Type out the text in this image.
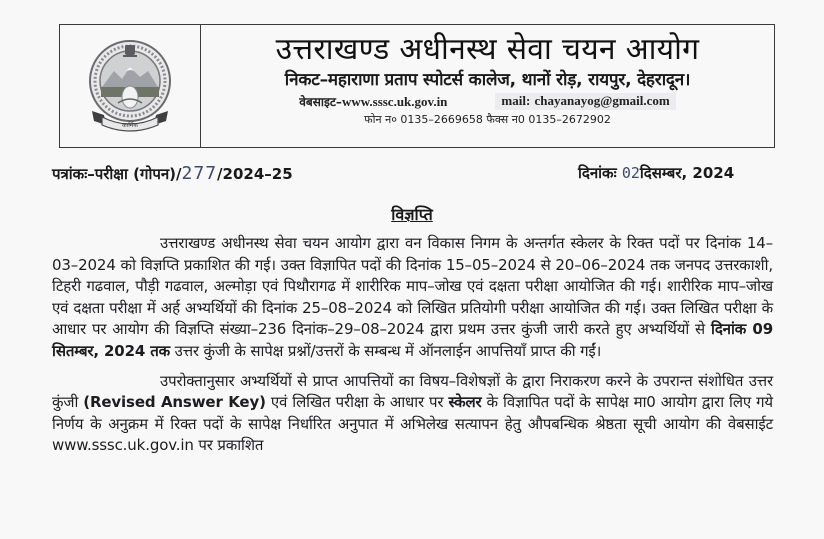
कार्मिक
उत्तराखण्ड अधीनस्थ सेवा चयन आयोग
निकट–महाराणा प्रताप स्पोटर्स कालेज, थानों रोड़, रायपुर, देहरादून।
वेबसाइट–www.sssc.uk.gov.in	mail: chayanayog@gmail.com
फोन न० 0135–2669658 फैक्स न0 0135–2672902
पत्रांकः–परीक्षा (गोपन)/277/2024–25	दिनांकः 02दिसम्बर, 2024
विज्ञप्ति

उत्तराखण्ड अधीनस्थ सेवा चयन आयोग द्वारा वन विकास निगम के अन्तर्गत स्केलर के रिक्त पदों पर दिनांक 14–03–2024 को विज्ञप्ति प्रकाशित की गई। उक्त विज्ञापित पदों की दिनांक 15–05–2024 से 20–06–2024 तक जनपद उत्तरकाशी, टिहरी गढवाल, पौड़ी गढवाल, अल्मोड़ा एवं पिथौरागढ में शारीरिक माप–जोख एवं दक्षता परीक्षा आयोजित की गई। शारीरिक माप–जोख एवं दक्षता परीक्षा में अर्ह अभ्यर्थियों की दिनांक 25–08–2024 को लिखित प्रतियोगी परीक्षा आयोजित की गई। उक्त लिखित परीक्षा के आधार पर आयोग की विज्ञप्ति संख्या–236 दिनांक–29–08–2024 द्वारा प्रथम उत्तर कुंजी जारी करते हुए अभ्यर्थियों से दिनांक 09 सितम्बर, 2024 तक उत्तर कुंजी के सापेक्ष प्रश्नों/उत्तरों के सम्बन्ध में ऑनलाईन आपत्तियाँ प्राप्त की गईं।

उपरोक्तानुसार अभ्यर्थियों से प्राप्त आपत्तियों का विषय–विशेषज्ञों के द्वारा निराकरण करने के उपरान्त संशोधित उत्तर कुंजी (Revised Answer Key) एवं लिखित परीक्षा के आधार पर स्केलर के विज्ञापित पदों के सापेक्ष मा0 आयोग द्वारा लिए गये निर्णय के अनुक्रम में रिक्त पदों के सापेक्ष निर्धारित अनुपात में अभिलेख सत्यापन हेतु औपबन्धिक श्रेष्ठता सूची आयोग की वेबसाईट www.sssc.uk.gov.in पर प्रकाशित
